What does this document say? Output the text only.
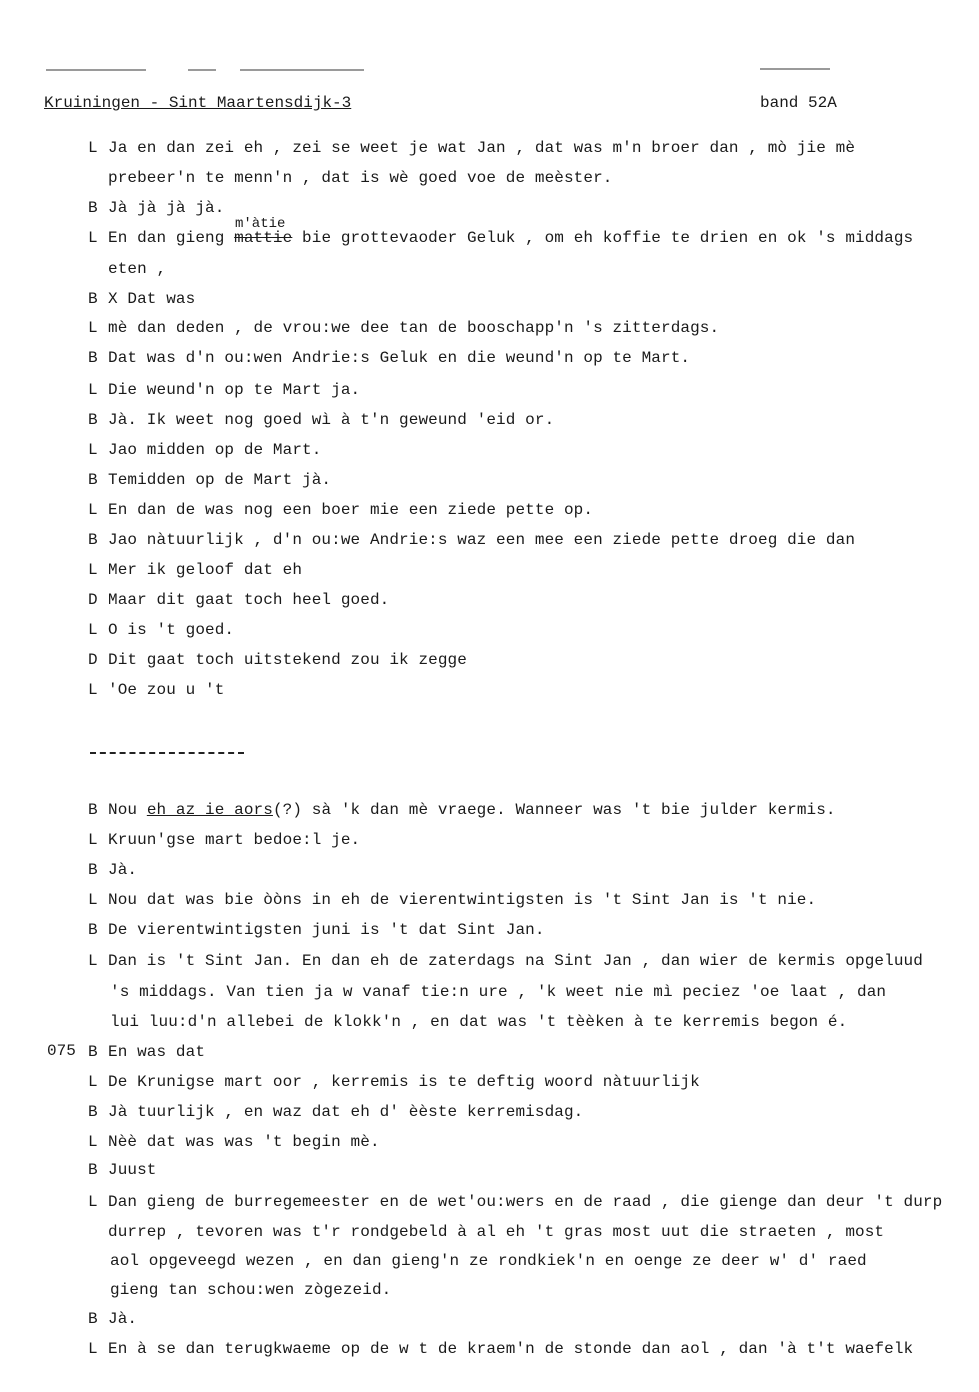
Kruiningen - Sint Maartensdijk-3	band 52A
L Ja en dan zei eh , zei se weet je wat Jan , dat was m'n broer dan , mò jie mè
prebeer'n te menn'n , dat is wè goed voe de meèster.
B Jà jà jà jà.
m'àtie
L En dan gieng mattie bie grottevaoder Geluk , om eh koffie te drien en ok 's middags
eten ,
B X Dat was
L mè dan deden , de vrou:we dee tan de booschapp'n 's zitterdags.
B Dat was d'n ou:wen Andrie:s Geluk en die weund'n op te Mart.
L Die weund'n op te Mart ja.
B Jà. Ik weet nog goed wì à t'n geweund 'eid or.
L Jao midden op de Mart.
B Temidden op de Mart jà.
L En dan de was nog een boer mie een ziede pette op.
B Jao nàtuurlijk , d'n ou:we Andrie:s waz een mee een ziede pette droeg die dan
L Mer ik geloof dat eh
D Maar dit gaat toch heel goed.
L O is 't goed.
D Dit gaat toch uitstekend zou ik zegge
L 'Oe zou u 't
B Nou eh az ie aors(?) sà 'k dan mè vraege. Wanneer was 't bie julder kermis.
L Kruun'gse mart bedoe:l je.
B Jà.
L Nou dat was bie òòns in eh de vierentwintigsten is 't Sint Jan is 't nie.
B De vierentwintigsten juni is 't dat Sint Jan.
L Dan is 't Sint Jan. En dan eh de zaterdags na Sint Jan , dan wier de kermis opgeluud
's middags. Van tien ja w vanaf tie:n ure , 'k weet nie mì peciez 'oe laat , dan
lui luu:d'n allebei de klokk'n , en dat was 't tèèken à te kerremis begon é.
075 B En was dat
L De Krunigse mart oor , kerremis is te deftig woord nàtuurlijk
B Jà tuurlijk , en waz dat eh d' èèste kerremisdag.
L Nèè dat was was 't begin mè.
B Juust
L Dan gieng de burregemeester en de wet'ou:wers en de raad , die gienge dan deur 't durp
durrep , tevoren was t'r rondgebeld à al eh 't gras most uut die straeten , most
aol opgeveegd wezen , en dan gieng'n ze rondkiek'n en oenge ze deer w' d' raed
gieng tan schou:wen zògezeid.
B Jà.
L En à se dan terugkwaeme op de w t de kraem'n de stonde dan aol , dan 'à t't waefelk
